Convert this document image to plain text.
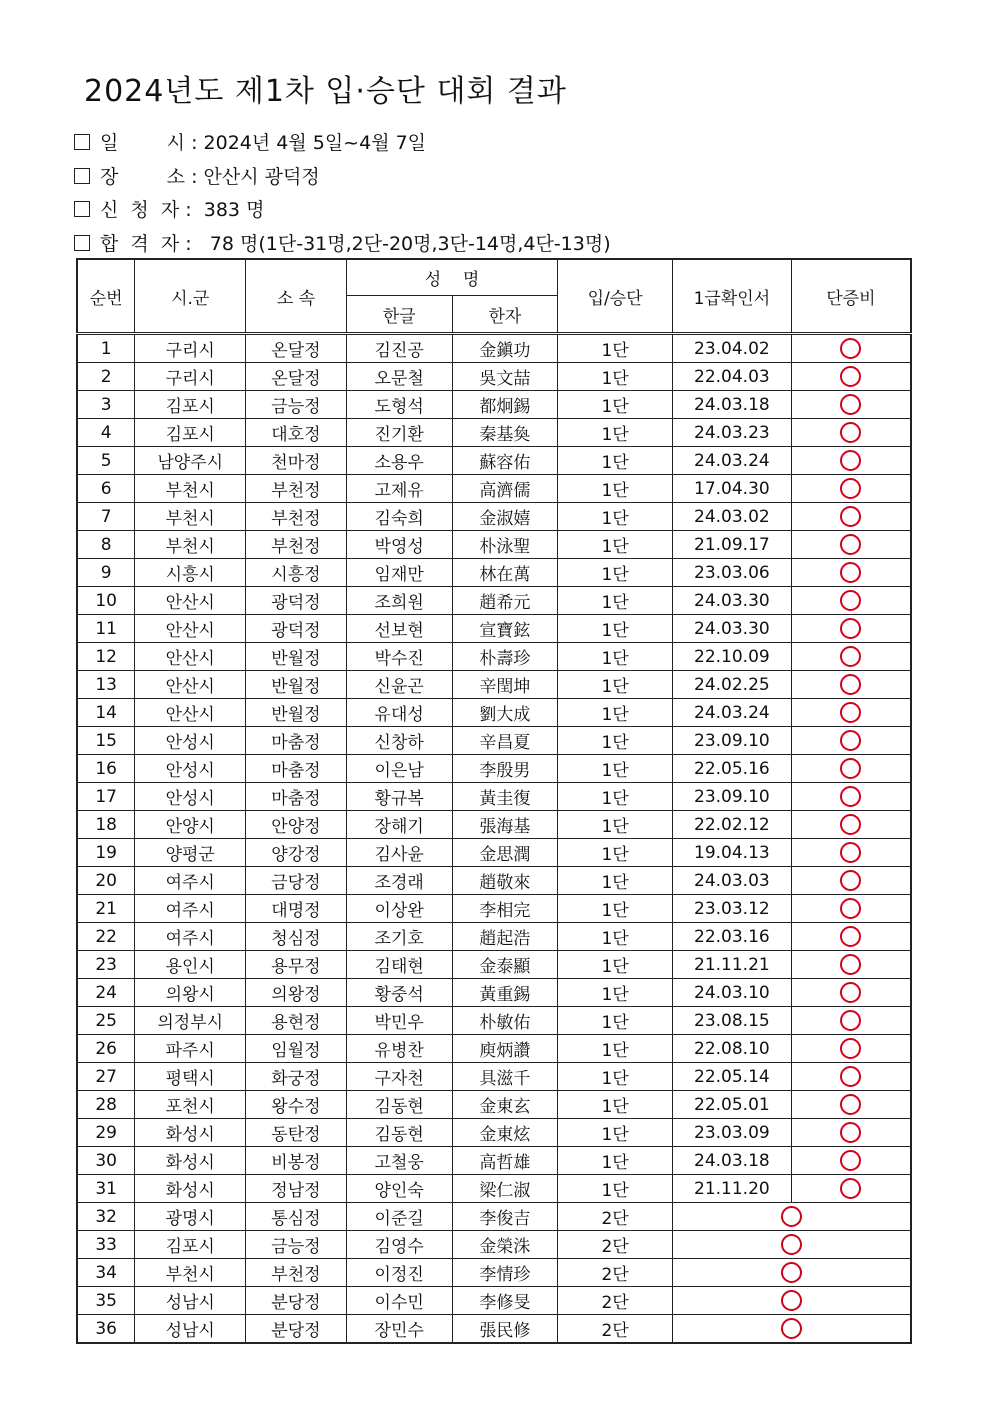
2024년도 제1차 입·승단 대회 결과
일        시 : 2024년 4월 5일~4월 7일
장        소 : 안산시 광덕정
신  청  자 :  383 명
합  격  자 :   78 명(1단-31명,2단-20명,3단-14명,4단-13명)
순번	시.군	소 속	성    명		입/승단	1급확인서	단증비
			한글	한자			
1	구리시	온달정	김진공	金鎭功	1단	23.04.02	
2	구리시	온달정	오문철	吳文喆	1단	22.04.03	
3	김포시	금능정	도형석	都炯錫	1단	24.03.18	
4	김포시	대호정	진기환	秦基奐	1단	24.03.23	
5	남양주시	천마정	소용우	蘇容佑	1단	24.03.24	
6	부천시	부천정	고제유	高濟儒	1단	17.04.30	
7	부천시	부천정	김숙희	金淑嬉	1단	24.03.02	
8	부천시	부천정	박영성	朴泳聖	1단	21.09.17	
9	시흥시	시흥정	임재만	林在萬	1단	23.03.06	
10	안산시	광덕정	조희원	趙希元	1단	24.03.30	
11	안산시	광덕정	선보현	宣寶鉉	1단	24.03.30	
12	안산시	반월정	박수진	朴壽珍	1단	22.10.09	
13	안산시	반월정	신윤곤	辛閏坤	1단	24.02.25	
14	안산시	반월정	유대성	劉大成	1단	24.03.24	
15	안성시	마춤정	신창하	辛昌夏	1단	23.09.10	
16	안성시	마춤정	이은남	李殷男	1단	22.05.16	
17	안성시	마춤정	황규복	黃圭復	1단	23.09.10	
18	안양시	안양정	장해기	張海基	1단	22.02.12	
19	양평군	양강정	김사윤	金思潤	1단	19.04.13	
20	여주시	금당정	조경래	趙敬來	1단	24.03.03	
21	여주시	대명정	이상완	李相完	1단	23.03.12	
22	여주시	청심정	조기호	趙起浩	1단	22.03.16	
23	용인시	용무정	김태현	金泰顯	1단	21.11.21	
24	의왕시	의왕정	황중석	黃重錫	1단	24.03.10	
25	의정부시	용현정	박민우	朴敏佑	1단	23.08.15	
26	파주시	임월정	유병찬	庾炳讚	1단	22.08.10	
27	평택시	화궁정	구자천	具滋千	1단	22.05.14	
28	포천시	왕수정	김동현	金東玄	1단	22.05.01	
29	화성시	동탄정	김동현	金東炫	1단	23.03.09	
30	화성시	비봉정	고철웅	高哲雄	1단	24.03.18	
31	화성시	정남정	양인숙	梁仁淑	1단	21.11.20	
32	광명시	통심정	이준길	李俊吉	2단		
33	김포시	금능정	김영수	金榮洙	2단		
34	부천시	부천정	이정진	李情珍	2단		
35	성남시	분당정	이수민	李修旻	2단		
36	성남시	분당정	장민수	張民修	2단		
